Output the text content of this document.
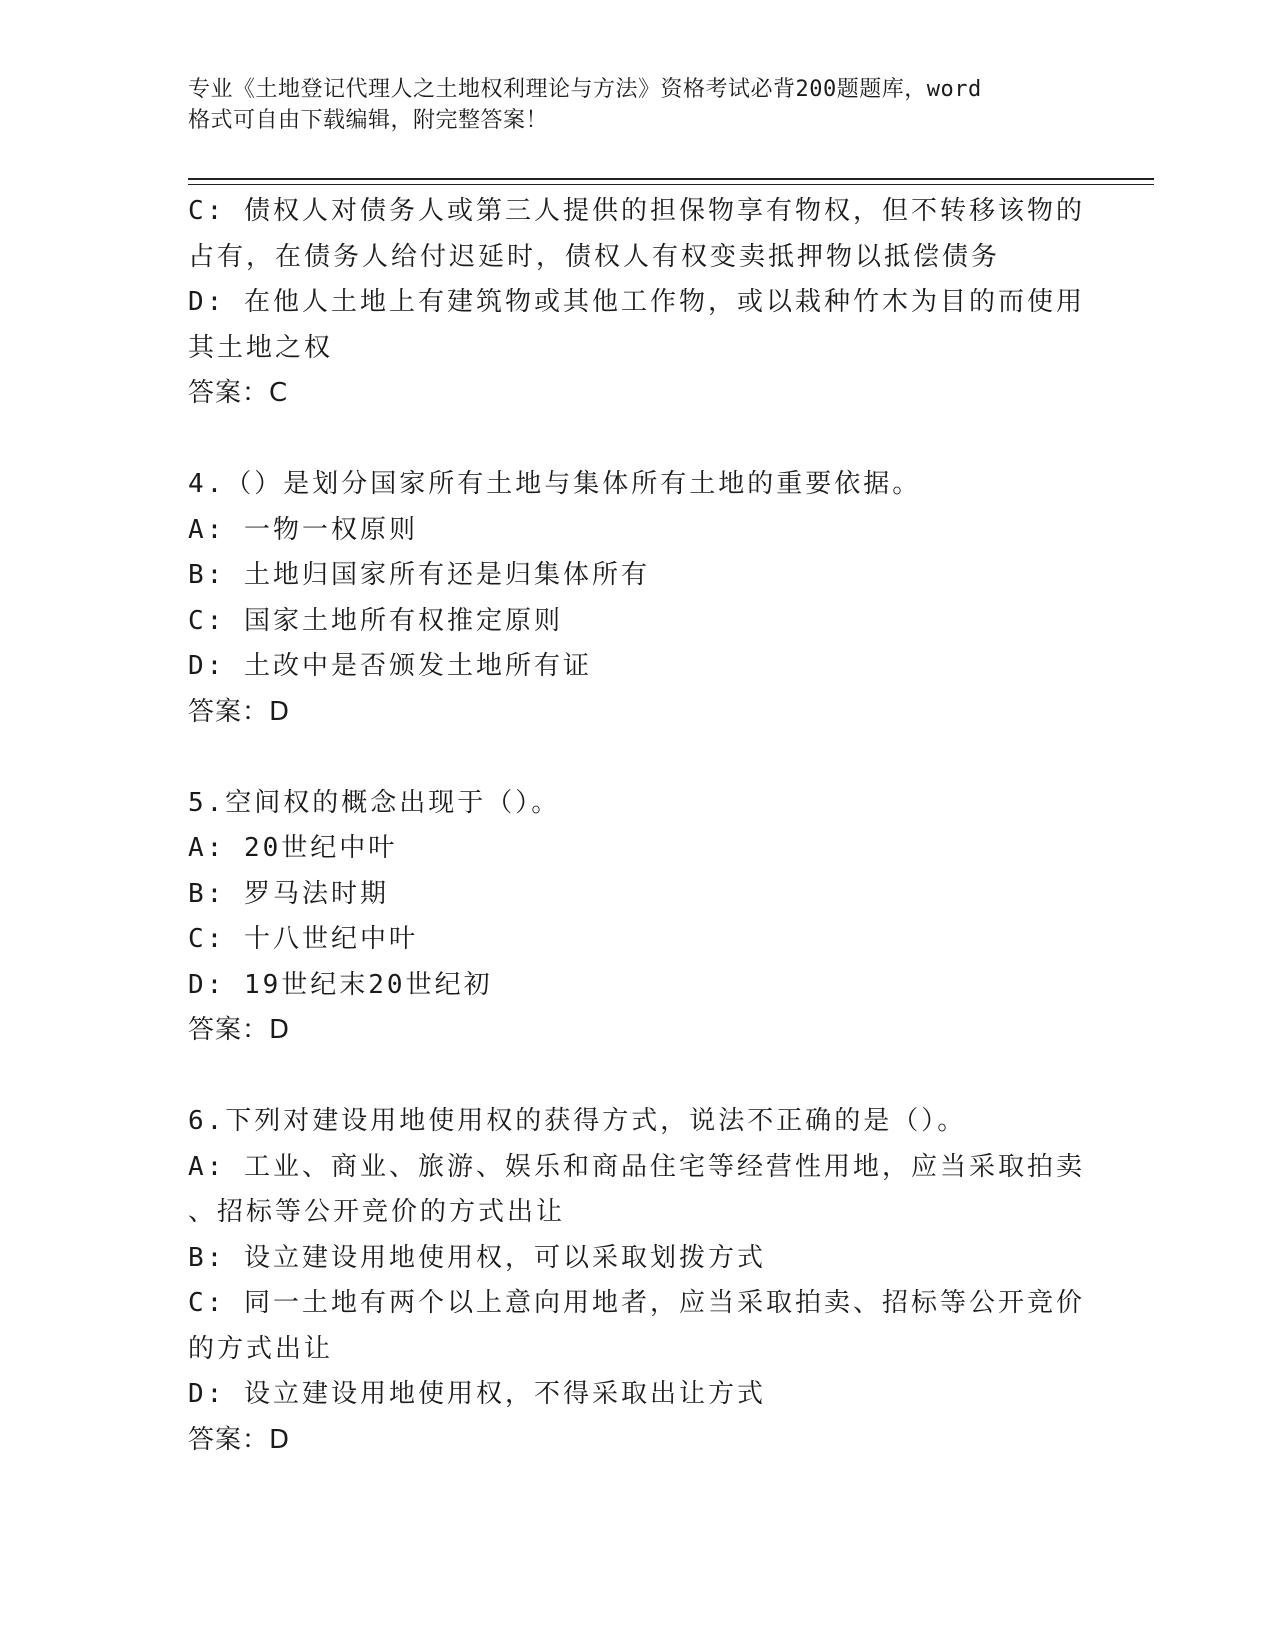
专业《土地登记代理人之土地权利理论与方法》资格考试必背200题题库，word
格式可自由下载编辑，附完整答案！
C: 债权人对债务人或第三人提供的担保物享有物权，但不转移该物的
占有，在债务人给付迟延时，债权人有权变卖抵押物以抵偿债务
D: 在他人土地上有建筑物或其他工作物，或以栽种竹木为目的而使用
其土地之权
答案：C
4.（）是划分国家所有土地与集体所有土地的重要依据。
A: 一物一权原则
B: 土地归国家所有还是归集体所有
C: 国家土地所有权推定原则
D: 土改中是否颁发土地所有证
答案：D
5.空间权的概念出现于（）。
A: 20世纪中叶
B: 罗马法时期
C: 十八世纪中叶
D: 19世纪末20世纪初
答案：D
6.下列对建设用地使用权的获得方式，说法不正确的是（）。
A: 工业、商业、旅游、娱乐和商品住宅等经营性用地，应当采取拍卖
、招标等公开竞价的方式出让
B: 设立建设用地使用权，可以采取划拨方式
C: 同一土地有两个以上意向用地者，应当采取拍卖、招标等公开竞价
的方式出让
D: 设立建设用地使用权，不得采取出让方式
答案：D
